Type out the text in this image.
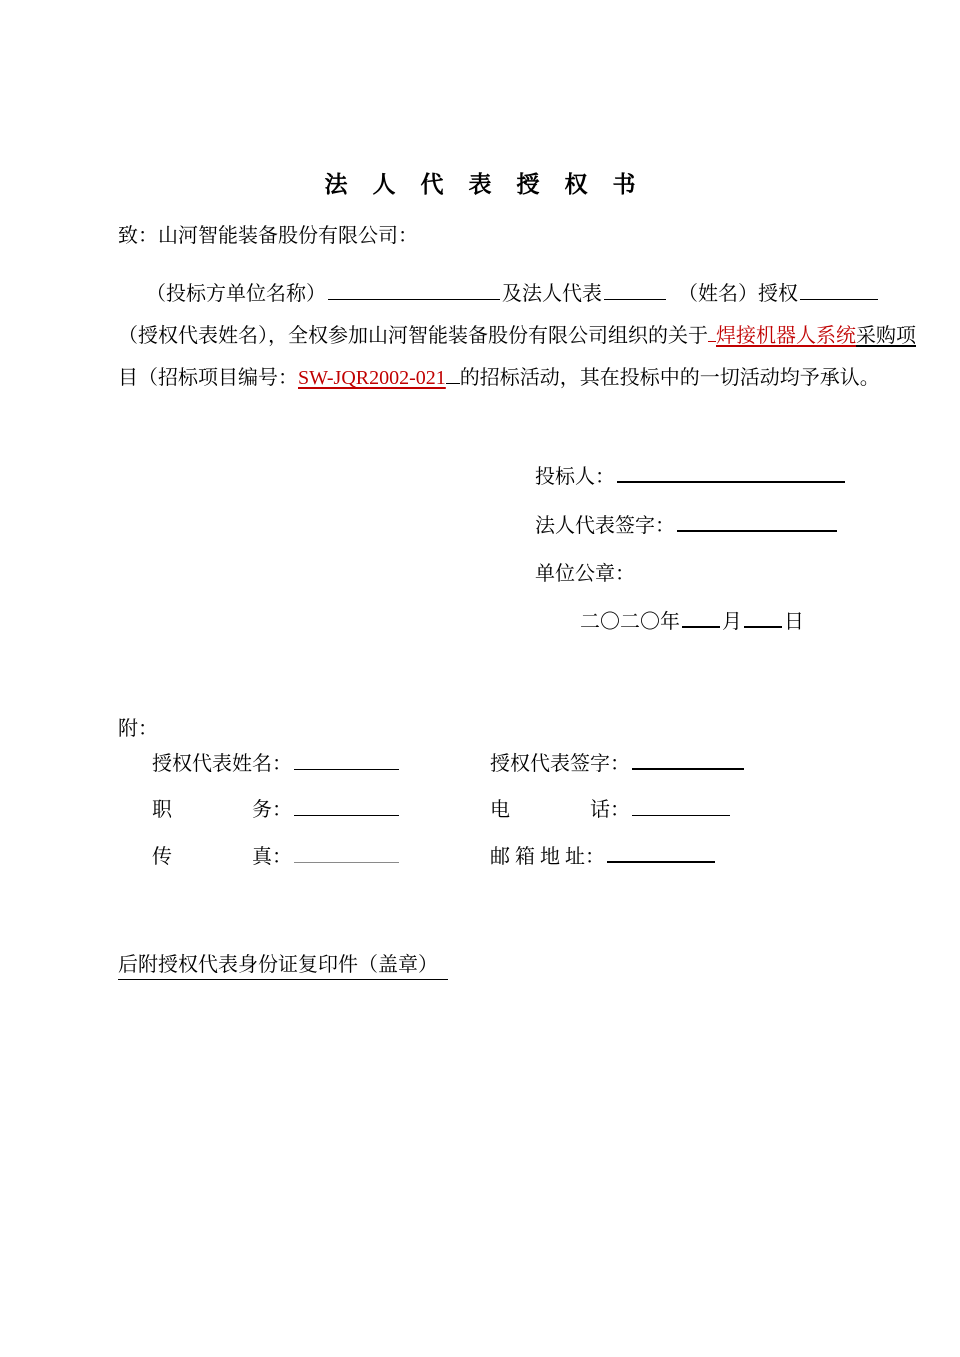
法人代表授权书
致：山河智能装备股份有限公司：
（投标方单位名称）	及法人代表	（姓名）授权
（授权代表姓名），全权参加山河智能装备股份有限公司组织的关于 焊接机器人系统采购项
目（招标项目编号：SW-JQR2002-021 的招标活动，其在投标中的一切活动均予承认。
投标人：
法人代表签字：
单位公章：
二〇二〇年 月 日
附：
授权代表姓名：	授权代表签字：
职　　　　务：	电　　　　话：
传　　　　真：	邮 箱 地 址：
后附授权代表身份证复印件（盖章）
